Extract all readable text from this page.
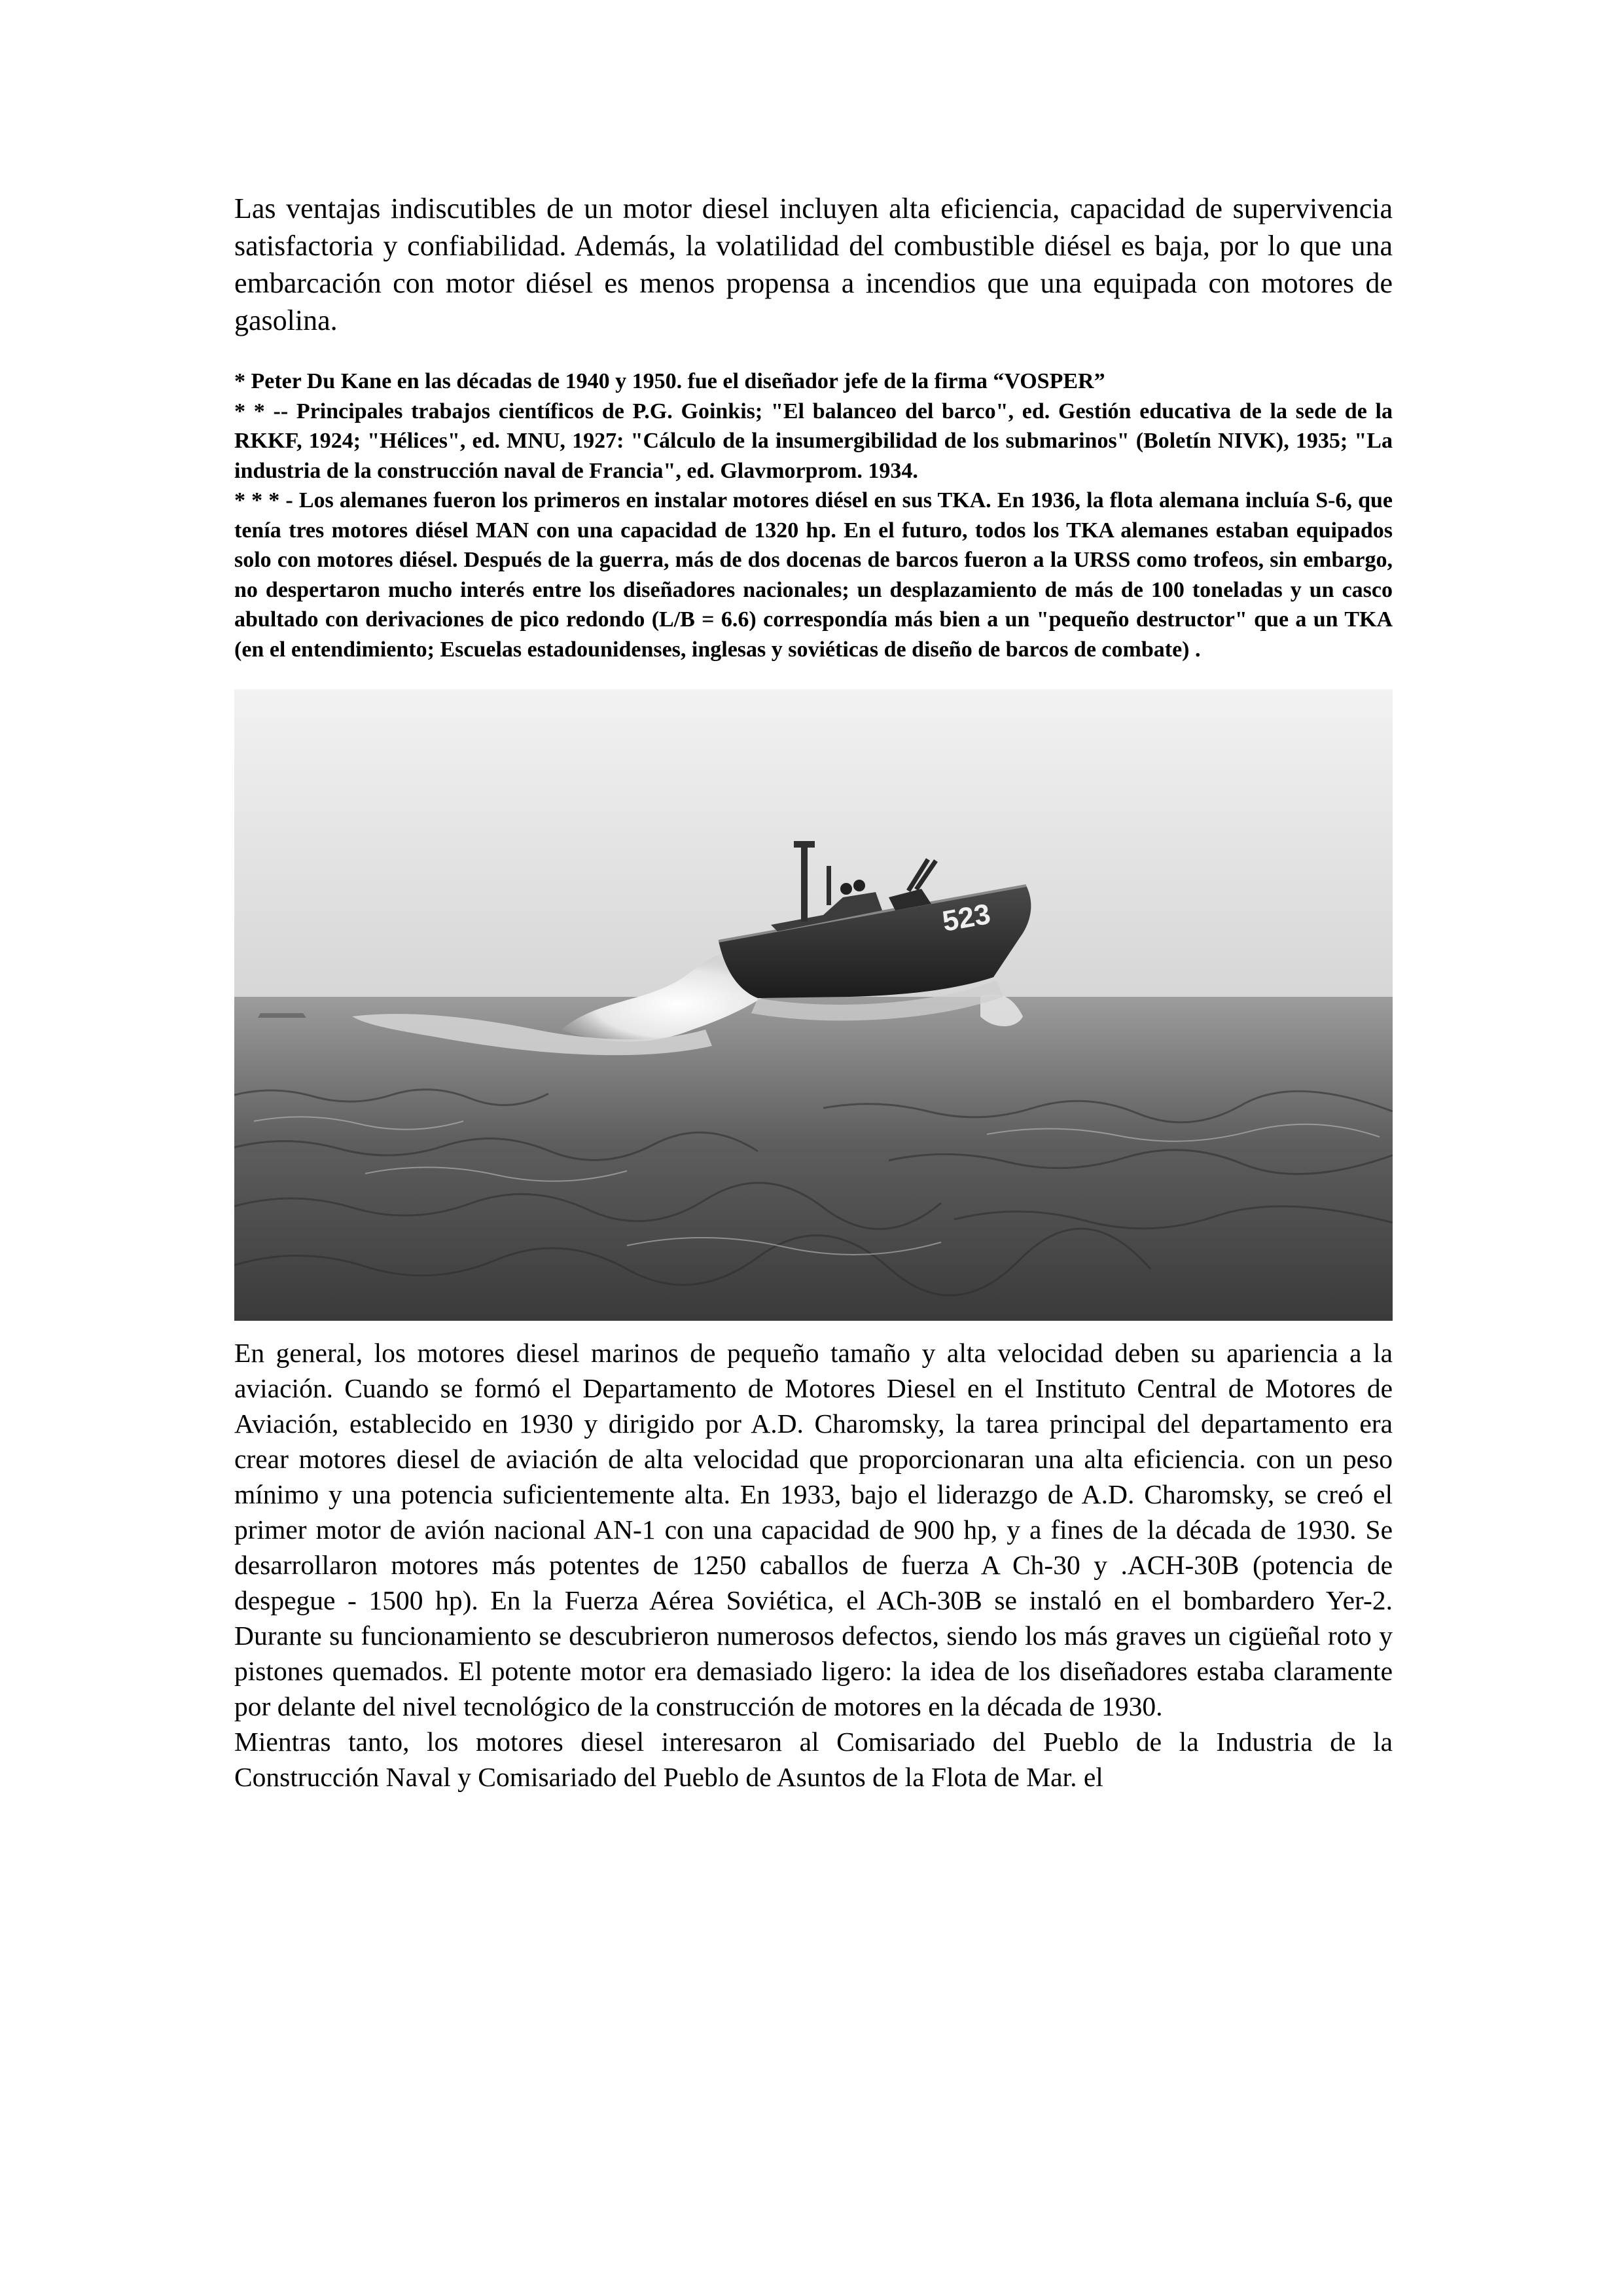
Las ventajas indiscutibles de un motor diesel incluyen alta eficiencia, capacidad de supervivencia satisfactoria y confiabilidad. Además, la volatilidad del combustible diésel es baja, por lo que una embarcación con motor diésel es menos propensa a incendios que una equipada con motores de gasolina.

* Peter Du Kane en las décadas de 1940 y 1950. fue el diseñador jefe de la firma “VOSPER”

* * -- Principales trabajos científicos de P.G. Goinkis; "El balanceo del barco", ed. Gestión educativa de la sede de la RKKF, 1924; "Hélices", ed. MNU, 1927: "Cálculo de la insumergibilidad de los submarinos" (Boletín NIVK), 1935; "La industria de la construcción naval de Francia", ed. Glavmorprom. 1934.

* * * - Los alemanes fueron los primeros en instalar motores diésel en sus TKA. En 1936, la flota alemana incluía S-6, que tenía tres motores diésel MAN con una capacidad de 1320 hp. En el futuro, todos los TKA alemanes estaban equipados solo con motores diésel. Después de la guerra, más de dos docenas de barcos fueron a la URSS como trofeos, sin embargo, no despertaron mucho interés entre los diseñadores nacionales; un desplazamiento de más de 100 toneladas y un casco abultado con derivaciones de pico redondo (L/B = 6.6) correspondía más bien a un "pequeño destructor" que a un TKA (en el entendimiento; Escuelas estadounidenses, inglesas y soviéticas de diseño de barcos de combate) .

523

En general, los motores diesel marinos de pequeño tamaño y alta velocidad deben su apariencia a la aviación. Cuando se formó el Departamento de Motores Diesel en el Instituto Central de Motores de Aviación, establecido en 1930 y dirigido por A.D. Charomsky, la tarea principal del departamento era crear motores diesel de aviación de alta velocidad que proporcionaran una alta eficiencia. con un peso mínimo y una potencia suficientemente alta. En 1933, bajo el liderazgo de A.D. Charomsky, se creó el primer motor de avión nacional AN-1 con una capacidad de 900 hp, y a fines de la década de 1930. Se desarrollaron motores más potentes de 1250 caballos de fuerza A Ch-30 y .ACH-30B (potencia de despegue - 1500 hp). En la Fuerza Aérea Soviética, el ACh-30B se instaló en el bombardero Yer-2. Durante su funcionamiento se descubrieron numerosos defectos, siendo los más graves un cigüeñal roto y pistones quemados. El potente motor era demasiado ligero: la idea de los diseñadores estaba claramente por delante del nivel tecnológico de la construcción de motores en la década de 1930.

Mientras tanto, los motores diesel interesaron al Comisariado del Pueblo de la Industria de la Construcción Naval y Comisariado del Pueblo de Asuntos de la Flota de Mar. el
